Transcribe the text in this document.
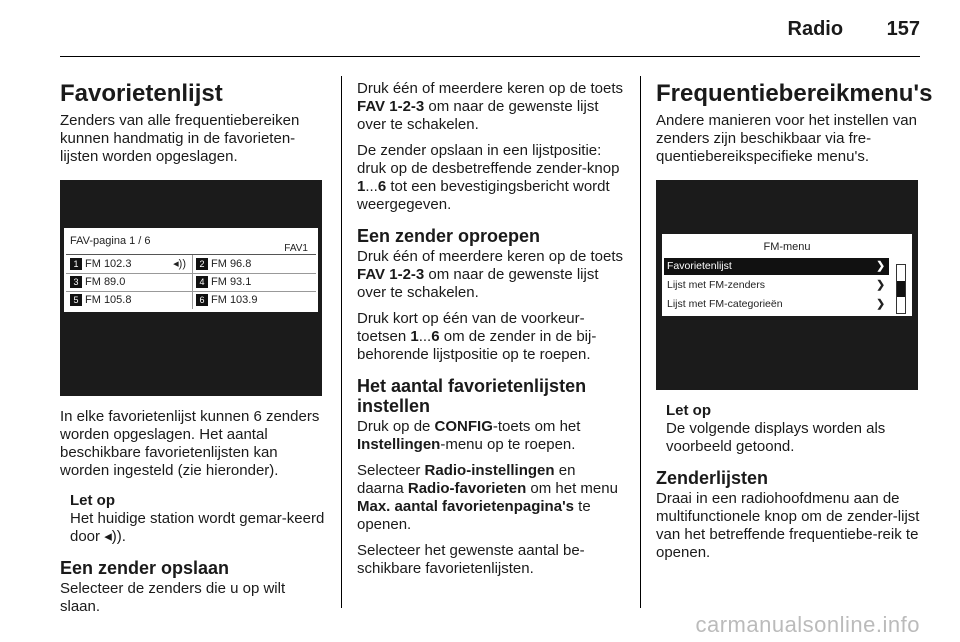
Radio 157
Favorietenlijst

Zenders van alle frequentiebereiken kunnen handmatig in de favorieten-lijsten worden opgeslagen.

FAV-pagina 1 / 6
FAV1
1 FM 102.3	◂))	2 FM 96.8
3 FM 89.0	4 FM 93.1
5 FM 105.8	6 FM 103.9

In elke favorietenlijst kunnen 6 zenders worden opgeslagen. Het aantal beschikbare favorietenlijsten kan worden ingesteld (zie hieronder).

Let op
Het huidige station wordt gemar-keerd door ◂)).
Een zender opslaan

Selecteer de zenders die u op wilt slaan.

Druk één of meerdere keren op de toets FAV 1-2-3 om naar de gewenste lijst over te schakelen.

De zender opslaan in een lijstpositie: druk op de desbetreffende zender-knop 1...6 tot een bevestigingsbericht wordt weergegeven.

Een zender oproepen

Druk één of meerdere keren op de toets FAV 1-2-3 om naar de gewenste lijst over te schakelen.

Druk kort op één van de voorkeur-toetsen 1...6 om de zender in de bij-behorende lijstpositie op te roepen.

Het aantal favorietenlijsten instellen

Druk op de CONFIG-toets om het Instellingen-menu op te roepen.

Selecteer Radio-instellingen en daarna Radio-favorieten om het menu Max. aantal favorietenpagina's te openen.

Selecteer het gewenste aantal be-schikbare favorietenlijsten.

Frequentiebereikmenu's

Andere manieren voor het instellen van zenders zijn beschikbaar via fre-quentiebereikspecifieke menu's.

FM-menu
Favorietenlijst	❯
Lijst met FM-zenders	❯
Lijst met FM-categorieën	❯
Let op
De volgende displays worden als voorbeeld getoond.
Zenderlijsten

Draai in een radiohoofdmenu aan de multifunctionele knop om de zender-lijst van het betreffende frequentiebe-reik te openen.

carmanualsonline.info
